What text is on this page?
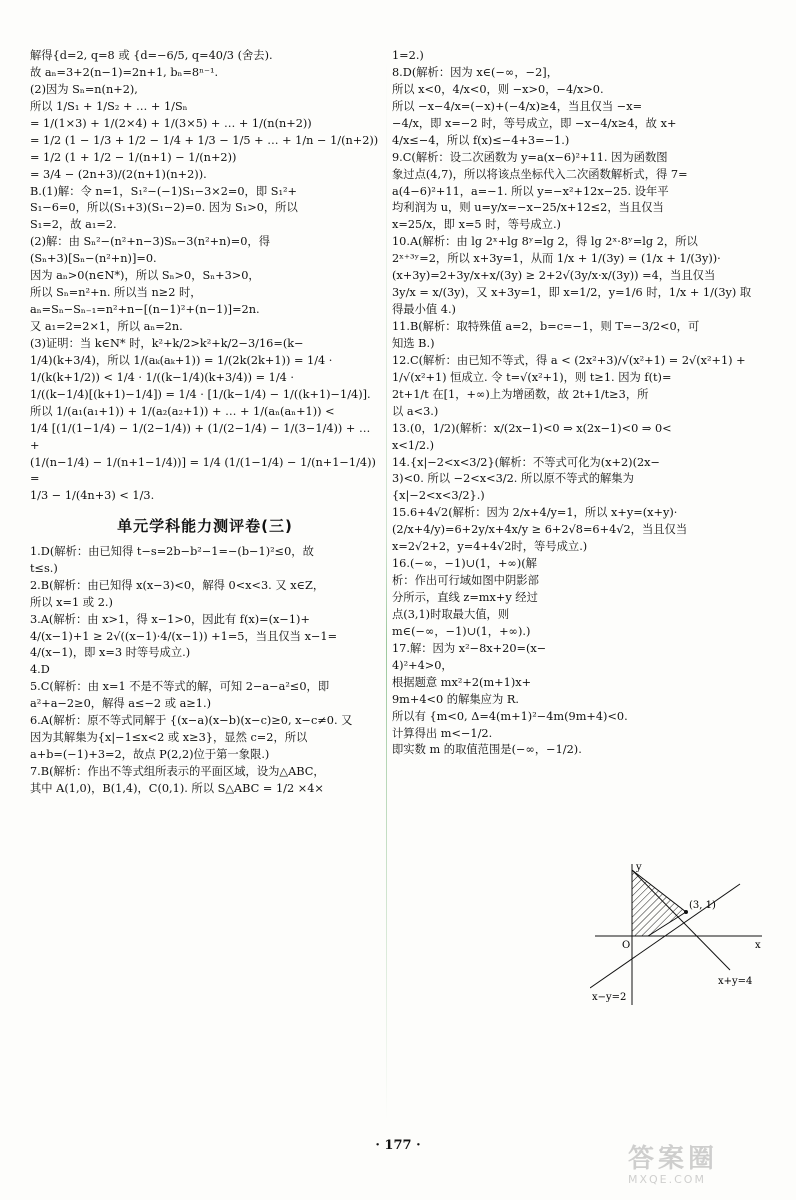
解得{d=2, q=8 或 {d=−6/5, q=40/3 (舍去).
故 aₙ=3+2(n−1)=2n+1, bₙ=8ⁿ⁻¹.
(2)因为 Sₙ=n(n+2),
所以 1/S₁ + 1/S₂ + … + 1/Sₙ
= 1/(1×3) + 1/(2×4) + 1/(3×5) + … + 1/(n(n+2))
= 1/2 (1 − 1/3 + 1/2 − 1/4 + 1/3 − 1/5 + … + 1/n − 1/(n+2))
= 1/2 (1 + 1/2 − 1/(n+1) − 1/(n+2))
= 3/4 − (2n+3)/(2(n+1)(n+2)).
B.(1)解：令 n=1，S₁²−(−1)S₁−3×2=0，即 S₁²+
S₁−6=0，所以(S₁+3)(S₁−2)=0. 因为 S₁>0，所以
S₁=2，故 a₁=2.
(2)解：由 Sₙ²−(n²+n−3)Sₙ−3(n²+n)=0，得
(Sₙ+3)[Sₙ−(n²+n)]=0.
因为 aₙ>0(n∈N*)，所以 Sₙ>0，Sₙ+3>0，
所以 Sₙ=n²+n. 所以当 n≥2 时，
aₙ=Sₙ−Sₙ₋₁=n²+n−[(n−1)²+(n−1)]=2n.
又 a₁=2=2×1，所以 aₙ=2n.
(3)证明：当 k∈N* 时，k²+k/2>k²+k/2−3/16=(k−
1/4)(k+3/4)，所以 1/(aₖ(aₖ+1)) = 1/(2k(2k+1)) = 1/4 ·
1/(k(k+1/2)) < 1/4 · 1/((k−1/4)(k+3/4)) = 1/4 ·
1/((k−1/4)[(k+1)−1/4]) = 1/4 · [1/(k−1/4) − 1/((k+1)−1/4)].
所以 1/(a₁(a₁+1)) + 1/(a₂(a₂+1)) + … + 1/(aₙ(aₙ+1)) <
1/4 [(1/(1−1/4) − 1/(2−1/4)) + (1/(2−1/4) − 1/(3−1/4)) + … +
(1/(n−1/4) − 1/(n+1−1/4))] = 1/4 (1/(1−1/4) − 1/(n+1−1/4)) =
1/3 − 1/(4n+3) < 1/3.
单元学科能力测评卷(三)
1.D(解析：由已知得 t−s=2b−b²−1=−(b−1)²≤0，故
t≤s.)
2.B(解析：由已知得 x(x−3)<0，解得 0<x<3. 又 x∈Z，
所以 x=1 或 2.)
3.A(解析：由 x>1，得 x−1>0，因此有 f(x)=(x−1)+
4/(x−1)+1 ≥ 2√((x−1)·4/(x−1)) +1=5，当且仅当 x−1=
4/(x−1)，即 x=3 时等号成立.)
4.D
5.C(解析：由 x=1 不是不等式的解，可知 2−a−a²≤0，即
a²+a−2≥0，解得 a≤−2 或 a≥1.)
6.A(解析：原不等式同解于 {(x−a)(x−b)(x−c)≥0, x−c≠0. 又
因为其解集为{x|−1≤x<2 或 x≥3}，显然 c=2，所以
a+b=(−1)+3=2，故点 P(2,2)位于第一象限.)
7.B(解析：作出不等式组所表示的平面区域，设为△ABC，
其中 A(1,0)，B(1,4)，C(0,1). 所以 S△ABC = 1/2 ×4×
1=2.)
8.D(解析：因为 x∈(−∞，−2]，
所以 x<0，4/x<0，则 −x>0，−4/x>0.
所以 −x−4/x=(−x)+(−4/x)≥4，当且仅当 −x=
−4/x，即 x=−2 时，等号成立，即 −x−4/x≥4，故 x+
4/x≤−4，所以 f(x)≤−4+3=−1.)
9.C(解析：设二次函数为 y=a(x−6)²+11. 因为函数图
象过点(4,7)，所以将该点坐标代入二次函数解析式，得 7=
a(4−6)²+11，a=−1. 所以 y=−x²+12x−25. 设年平
均利润为 u，则 u=y/x=−x−25/x+12≤2，当且仅当
x=25/x，即 x=5 时，等号成立.)
10.A(解析：由 lg 2ˣ+lg 8ʸ=lg 2，得 lg 2ˣ·8ʸ=lg 2，所以
2ˣ⁺³ʸ=2，所以 x+3y=1，从而 1/x + 1/(3y) = (1/x + 1/(3y))·
(x+3y)=2+3y/x+x/(3y) ≥ 2+2√(3y/x·x/(3y)) =4，当且仅当
3y/x = x/(3y)，又 x+3y=1，即 x=1/2，y=1/6 时，1/x + 1/(3y) 取
得最小值 4.)
11.B(解析：取特殊值 a=2，b=c=−1，则 T=−3/2<0，可
知选 B.)
12.C(解析：由已知不等式，得 a < (2x²+3)/√(x²+1) = 2√(x²+1) +
1/√(x²+1) 恒成立. 令 t=√(x²+1)，则 t≥1. 因为 f(t)=
2t+1/t 在[1，+∞)上为增函数，故 2t+1/t≥3，所
以 a<3.)
13.(0，1/2)(解析：x/(2x−1)<0 ⇒ x(2x−1)<0 ⇒ 0<
x<1/2.)
14.{x|−2<x<3/2}(解析：不等式可化为(x+2)(2x−
3)<0. 所以 −2<x<3/2. 所以原不等式的解集为
{x|−2<x<3/2}.)
15.6+4√2(解析：因为 2/x+4/y=1，所以 x+y=(x+y)·
(2/x+4/y)=6+2y/x+4x/y ≥ 6+2√8=6+4√2，当且仅当
x=2√2+2，y=4+4√2时，等号成立.)
16.(−∞，−1)∪(1，+∞)(解
析：作出可行域如图中阴影部
分所示，直线 z=mx+y 经过
点(3,1)时取最大值，则
m∈(−∞，−1)∪(1，+∞).)
17.解：因为 x²−8x+20=(x−
4)²+4>0，
根据题意 mx²+2(m+1)x+
9m+4<0 的解集应为 R.
所以有 {m<0, Δ=4(m+1)²−4m(9m+4)<0.
计算得出 m<−1/2.
即实数 m 的取值范围是(−∞，−1/2).
y
x
O
(3, 1)
x+y=4
x−y=2
· 177 ·	答案圈
MXQE.COM
